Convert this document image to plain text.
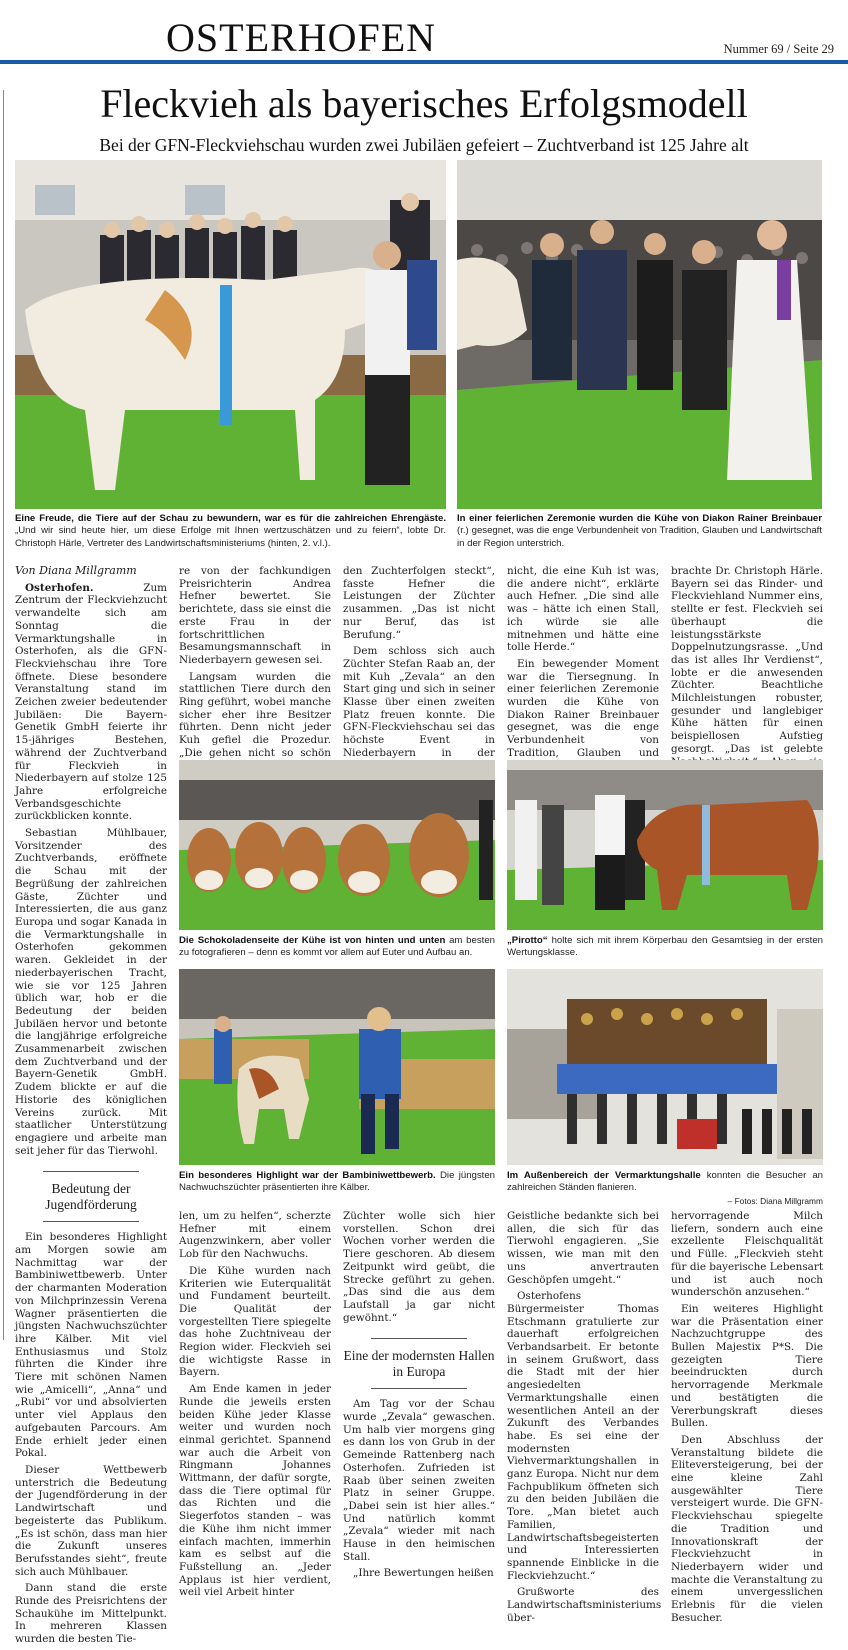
OSTERHOFEN	Nummer 69 / Seite 29
Fleckvieh als bayerisches Erfolgsmodell
Bei der GFN-Fleckviehschau wurden zwei Jubiläen gefeiert – Zuchtverband ist 125 Jahre alt
Eine Freude, die Tiere auf der Schau zu bewundern, war es für die zahlreichen Ehrengäste. „Und wir sind heute hier, um diese Erfolge mit Ihnen wertzuschätzen und zu feiern“, lobte Dr. Christoph Härle, Vertreter des Landwirtschaftsministeriums (hinten, 2. v.l.).
In einer feierlichen Zeremonie wurden die Kühe von Diakon Rainer Breinbauer (r.) gesegnet, was die enge Verbundenheit von Tradition, Glauben und Landwirtschaft in der Region unterstrich.

Von Diana Millgramm

Osterhofen. Zum Zentrum der Fleckviehzucht verwandelte sich am Sonntag die Vermarktungshalle in Osterhofen, als die GFN-Fleckviehschau ihre Tore öffnete. Diese besondere Veranstaltung stand im Zeichen zweier bedeutender Jubiläen: Die Bayern-Genetik GmbH feierte ihr 15-jähriges Bestehen, während der Zuchtverband für Fleckvieh in Niederbayern auf stolze 125 Jahre erfolgreiche Verbandsgeschichte zurückblicken konnte.

Sebastian Mühlbauer, Vorsitzender des Zuchtverbands, eröffnete die Schau mit der Begrüßung der zahlreichen Gäste, Züchter und Interessierten, die aus ganz Europa und sogar Kanada in die Vermarktungshalle in Osterhofen gekommen waren. Gekleidet in der niederbayerischen Tracht, wie sie vor 125 Jahren üblich war, hob er die Bedeutung der beiden Jubiläen hervor und betonte die langjährige erfolgreiche Zusammenarbeit zwischen dem Zuchtverband und der Bayern-Genetik GmbH. Zudem blickte er auf die Historie des königlichen Vereins zurück. Mit staatlicher Unterstützung engagiere und arbeite man seit jeher für das Tierwohl.

Bedeutung der Jugendförderung

Ein besonderes Highlight am Morgen sowie am Nachmittag war der Bambiniwettbewerb. Unter der charmanten Moderation von Milchprinzessin Verena Wagner präsentierten die jüngsten Nachwuchszüchter ihre Kälber. Mit viel Enthusiasmus und Stolz führten die Kinder ihre Tiere mit schönen Namen wie „Amicelli“, „Anna“ und „Rubi“ vor und absolvierten unter viel Applaus den aufgebauten Parcours. Am Ende erhielt jeder einen Pokal.

Dieser Wettbewerb unterstrich die Bedeutung der Jugendförderung in der Landwirtschaft und begeisterte das Publikum. „Es ist schön, dass man hier die Zukunft unseres Berufsstandes sieht“, freute sich auch Mühlbauer.

Dann stand die erste Runde des Preisrichtens der Schaukühe im Mittelpunkt. In mehreren Klassen wurden die besten Tie-

re von der fachkundigen Preisrichterin Andrea Hefner bewertet. Sie berichtete, dass sie einst die erste Frau in der fortschrittlichen Besamungsmannschaft in Niederbayern gewesen sei.

Langsam wurden die stattlichen Tiere durch den Ring geführt, wobei manche sicher eher ihre Besitzer führten. Denn nicht jeder Kuh gefiel die Prozedur. „Die gehen nicht so schön

den Zuchterfolgen steckt“, fasste Hefner die Leistungen der Züchter zusammen. „Das ist nicht nur Beruf, das ist Berufung.“

Dem schloss sich auch Züchter Stefan Raab an, der mit Kuh „Zevala“ an den Start ging und sich in seiner Klasse über einen zweiten Platz freuen konnte. Die GFN-Fleckviehschau sei das höchste Event in Niederbayern in der

nicht, die eine Kuh ist was, die andere nicht“, erklärte auch Hefner. „Die sind alle was – hätte ich einen Stall, ich würde sie alle mitnehmen und hätte eine tolle Herde.“

Ein bewegender Moment war die Tiersegnung. In einer feierlichen Zeremonie wurden die Kühe von Diakon Rainer Breinbauer gesegnet, was die enge Verbundenheit von Tradition, Glauben und

brachte Dr. Christoph Härle. Bayern sei das Rinder- und Fleckviehland Nummer eins, stellte er fest. Fleckvieh sei überhaupt die leistungsstärkste Doppelnutzungsrasse. „Und das ist alles Ihr Verdienst“, lobte er die anwesenden Züchter. Beachtliche Milchleistungen robuster, gesunder und langlebiger Kühe hätten für einen beispiellosen Aufstieg gesorgt. „Das ist gelebte

Die Schokoladenseite der Kühe ist von hinten und unten am besten zu fotografieren – denn es kommt vor allem auf Euter und Aufbau an.
„Pirotto“ holte sich mit ihrem Körperbau den Gesamtsieg in der ersten Wertungsklasse.
Ein besonderes Highlight war der Bambiniwettbewerb. Die jüngsten Nachwuchszüchter präsentierten ihre Kälber.
Im Außenbereich der Vermarktungshalle konnten die Besucher an zahlreichen Ständen flanieren.
– Fotos: Diana Millgramm

len, um zu helfen“, scherzte Hefner mit einem Augenzwinkern, aber voller Lob für den Nachwuchs.

Die Kühe wurden nach Kriterien wie Euterqualität und Fundament beurteilt. Die Qualität der vorgestellten Tiere spiegelte das hohe Zuchtniveau der Region wider. Fleckvieh sei die wichtigste Rasse in Bayern.

Am Ende kamen in jeder Runde die jeweils ersten beiden Kühe jeder Klasse weiter und wurden noch einmal gerichtet. Spannend war auch die Arbeit von Ringmann Johannes Wittmann, der dafür sorgte, dass die Tiere optimal für das Richten und die Siegerfotos standen – was die Kühe ihm nicht immer einfach machten, immerhin kam es selbst auf die Fußstellung an. „Jeder Applaus ist hier verdient, weil viel Arbeit hinter

Züchter wolle sich hier vorstellen. Schon drei Wochen vorher werden die Tiere geschoren. Ab diesem Zeitpunkt wird geübt, die Strecke geführt zu gehen. „Das sind die aus dem Laufstall ja gar nicht gewöhnt.“

Eine der modernsten Hallen in Europa

Am Tag vor der Schau wurde „Zevala“ gewaschen. Um halb vier morgens ging es dann los von Grub in der Gemeinde Rattenberg nach Osterhofen. Zufrieden ist Raab über seinen zweiten Platz in seiner Gruppe. „Dabei sein ist hier alles.“ Und natürlich kommt „Zevala“ wieder mit nach Hause in den heimischen Stall.

„Ihre Bewertungen heißen

Geistliche bedankte sich bei allen, die sich für das Tierwohl engagieren. „Sie wissen, wie man mit den uns anvertrauten Geschöpfen umgeht.“

Osterhofens Bürgermeister Thomas Etschmann gratulierte zur dauerhaft erfolgreichen Verbandsarbeit. Er betonte in seinem Grußwort, dass die Stadt mit der hier angesiedelten Vermarktungshalle einen wesentlichen Anteil an der Zukunft des Verbandes habe. Es sei eine der modernsten Viehvermarktungshallen in ganz Europa. Nicht nur dem Fachpublikum öffneten sich zu den beiden Jubiläen die Tore. „Man bietet auch Familien, Landwirtschaftsbegeisterten und Interessierten spannende Einblicke in die Fleckviehzucht.“

Grußworte des Landwirtschaftsministeriums über-

hervorragende Milch liefern, sondern auch eine exzellente Fleischqualität und Fülle. „Fleckvieh steht für die bayerische Lebensart und ist auch noch wunderschön anzusehen.“

Ein weiteres Highlight war die Präsentation einer Nachzuchtgruppe des Bullen Majestix P*S. Die gezeigten Tiere beeindruckten durch hervorragende Merkmale und bestätigten die Vererbungskraft dieses Bullen.

Den Abschluss der Veranstaltung bildete die Eliteversteigerung, bei der eine kleine Zahl ausgewählter Tiere versteigert wurde. Die GFN-Fleckviehschau spiegelte die Tradition und Innovationskraft der Fleckviehzucht in Niederbayern wider und machte die Veranstaltung zu einem unvergesslichen Erlebnis für die vielen Besucher.
